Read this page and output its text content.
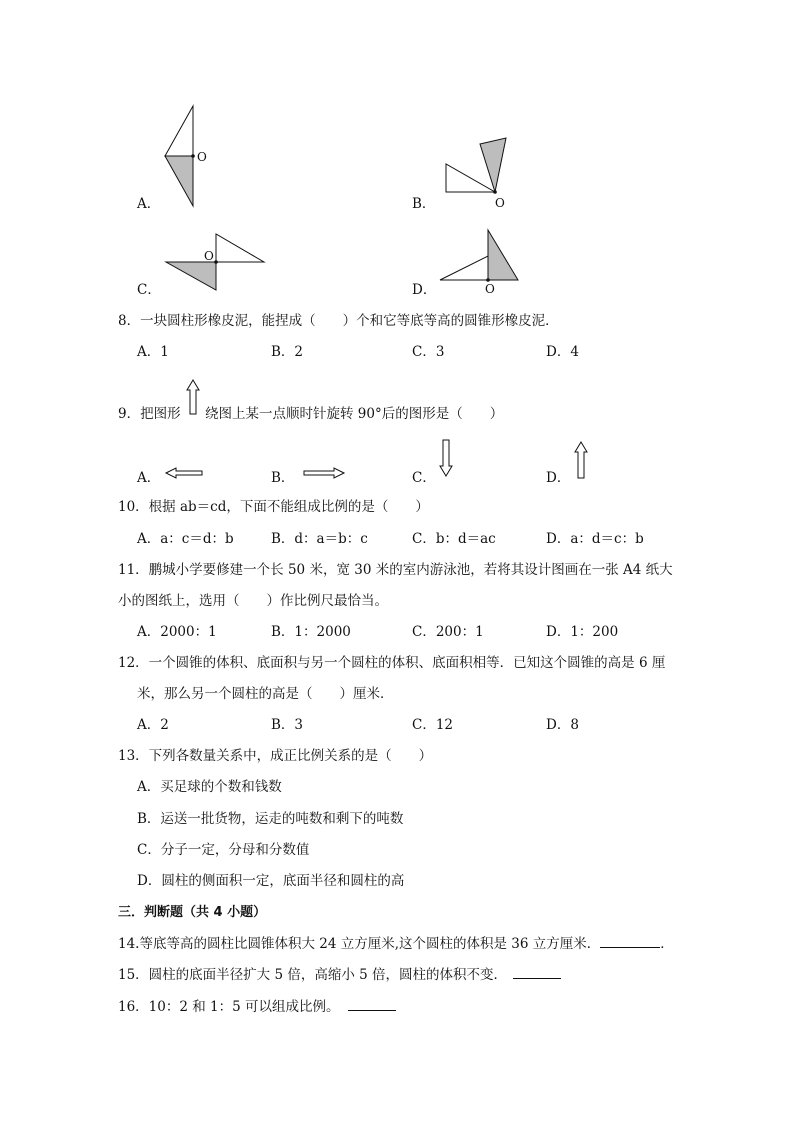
A．
O
B．	O
C．
O
D．	O
8．一块圆柱形橡皮泥，能捏成（　　）个和它等底等高的圆锥形橡皮泥．
A．1	B．2	C．3	D．4
9．把图形 绕图上某一点顺时针旋转 90°后的图形是（　　）
A．	B．	C．	D．
10．根据 ab＝cd，下面不能组成比例的是（　　）
A．a：c＝d：b	B．d：a＝b：c	C．b：d＝ac	D．a：d＝c：b
11．鹏城小学要修建一个长 50 米，宽 30 米的室内游泳池，若将其设计图画在一张 A4 纸大
小的图纸上，选用（　　）作比例尺最恰当。
A．2000：1	B．1：2000	C．200：1	D．1：200
12．一个圆锥的体积、底面积与另一个圆柱的体积、底面积相等．已知这个圆锥的高是 6 厘
米，那么另一个圆柱的高是（　　）厘米．
A．2	B．3	C．12	D．8
13．下列各数量关系中，成正比例关系的是（　　）
A．买足球的个数和钱数
B．运送一批货物，运走的吨数和剩下的吨数
C．分子一定，分母和分数值
D．圆柱的侧面积一定，底面半径和圆柱的高
三．判断题（共 4 小题）
14.等底等高的圆柱比圆锥体积大 24 立方厘米,这个圆柱的体积是 36 立方厘米．	．
15．圆柱的底面半径扩大 5 倍，高缩小 5 倍，圆柱的体积不变．
16．10：2 和 1：5 可以组成比例。
